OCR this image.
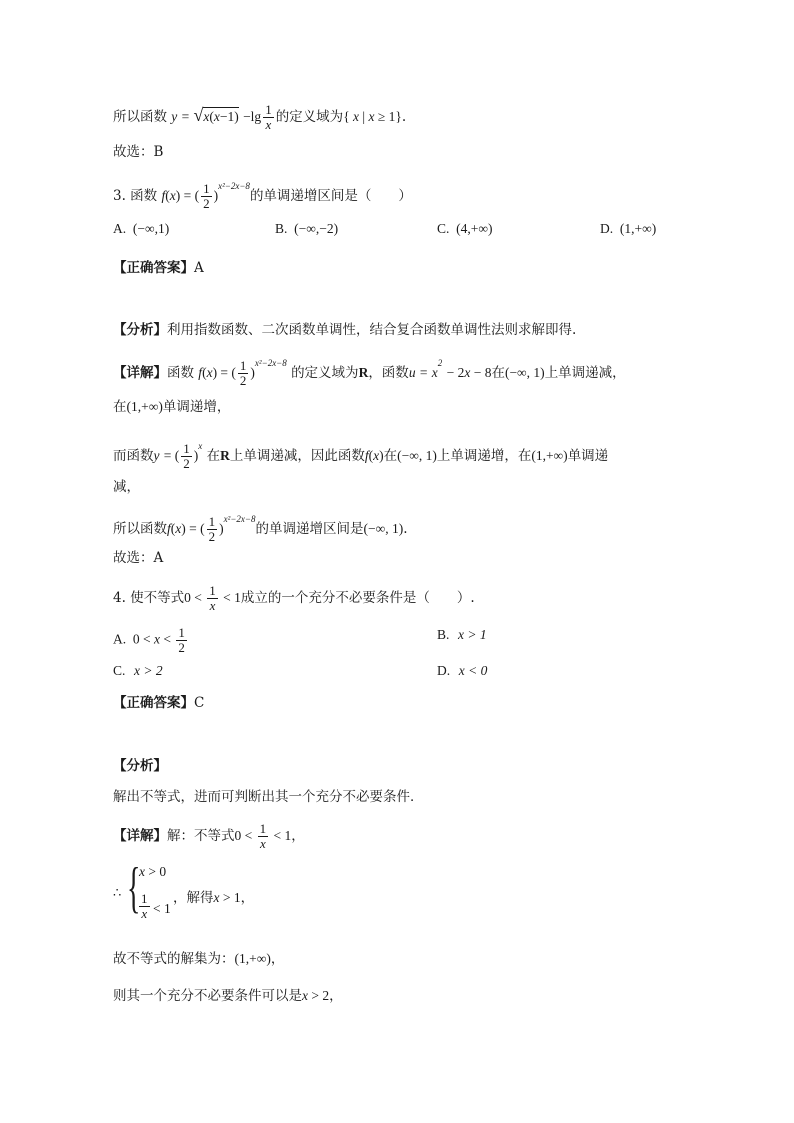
所以函数 $y = √x(x-1) -\lg \frac{1}{x}$ 的定义域为{ x | x ≥ 1}.
故选：B
3. 函数 f(x) = ( $\frac{1}{2} )^{x^2-2x-8}$的单调递增区间是（　　）
A. (−∞,1)	B. (−∞,−2)	C. (4,+∞)	D. (1,+∞)
【正确答案】A
【分析】利用指数函数、二次函数单调性，结合复合函数单调性法则求解即得.
【详解】函数 f(x) = ( $\frac{1}{2} )^{x^2-2x-8}$ 的定义域为R，函数$u = x^2 - 2x - 8$在(−∞, 1)上单调递减，
在(1,+∞)单调递增，
而函数y = ( $\frac{1}{2} )^x$ 在R上单调递减，因此函数f(x)在(−∞, 1)上单调递增，在(1,+∞)单调递
减，
所以函数f(x) = ( $\frac{1}{2} )^{x^2-2x-8}$的单调递增区间是(−∞, 1).
故选：A
4. 使不等式$0 < \frac{1}{x} < 1$成立的一个充分不必要条件是（　　）.
A.  $0 < x < \frac{1}{2}$	B. x > 1
C. x > 2	D. x < 0
【正确答案】C
【分析】
解出不等式，进而可判断出其一个充分不必要条件．
【详解】解：不等式$0 < \frac{1}{x} < 1$，
∴ {
x > 0
$\frac{1}{x} < 1$
，解得x > 1，
故不等式的解集为：(1,+∞)，
则其一个充分不必要条件可以是x > 2，
